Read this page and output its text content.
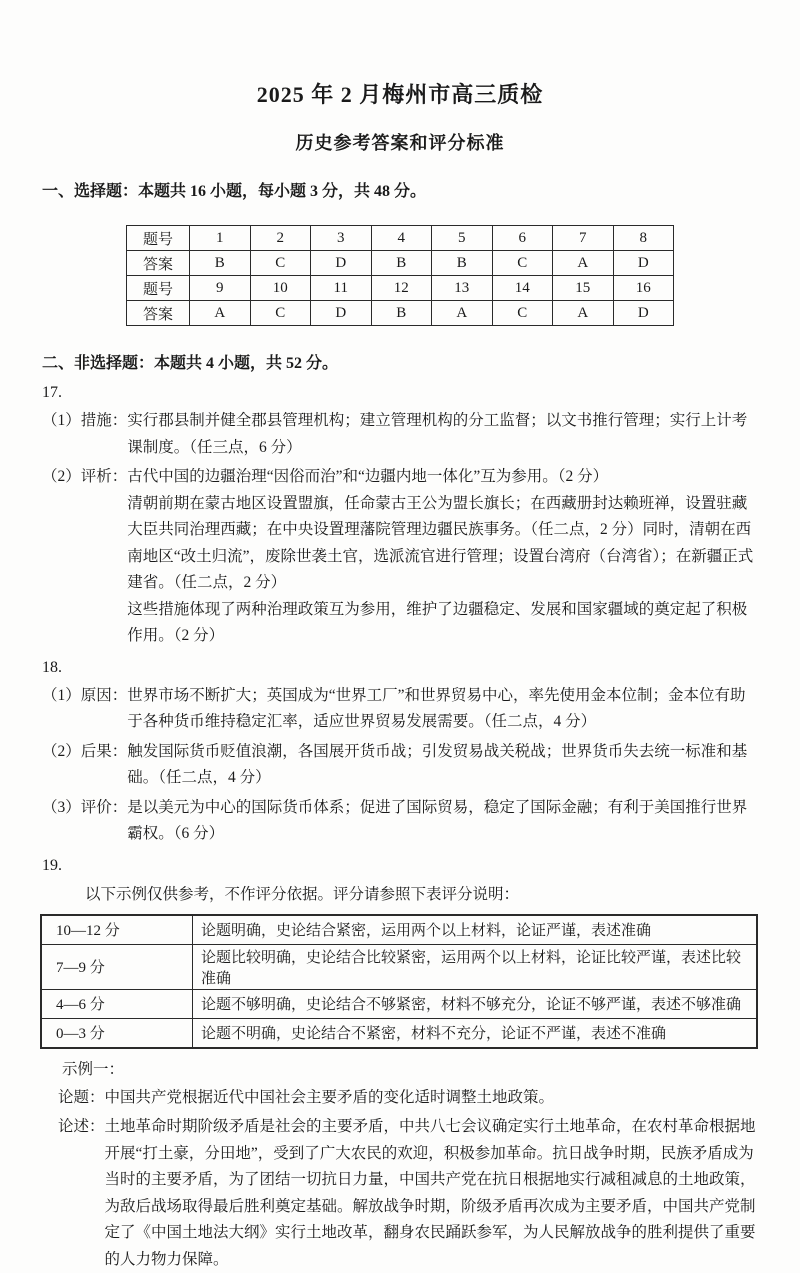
2025 年 2 月梅州市高三质检
历史参考答案和评分标准
一、选择题：本题共 16 小题，每小题 3 分，共 48 分。
题号	1	2	3	4	5	6	7	8
答案	B	C	D	B	B	C	A	D
题号	9	10	11	12	13	14	15	16
答案	A	C	D	B	A	C	A	D
二、非选择题：本题共 4 小题，共 52 分。
17.
（1）措施： 实行郡县制并健全郡县管理机构；建立管理机构的分工监督；以文书推行管理；实行上计考课制度。（任三点，6 分）
（2）评析： 古代中国的边疆治理“因俗而治”和“边疆内地一体化”互为参用。（2 分）
清朝前期在蒙古地区设置盟旗，任命蒙古王公为盟长旗长；在西藏册封达赖班禅，设置驻藏大臣共同治理西藏；在中央设置理藩院管理边疆民族事务。（任二点，2 分）同时，清朝在西南地区“改土归流”，废除世袭土官，选派流官进行管理；设置台湾府（台湾省）；在新疆正式建省。（任二点，2 分）
这些措施体现了两种治理政策互为参用，维护了边疆稳定、发展和国家疆域的奠定起了积极作用。（2 分）
18.
（1）原因： 世界市场不断扩大；英国成为“世界工厂”和世界贸易中心，率先使用金本位制；金本位有助于各种货币维持稳定汇率，适应世界贸易发展需要。（任二点，4 分）
（2）后果： 触发国际货币贬值浪潮，各国展开货币战；引发贸易战关税战；世界货币失去统一标准和基础。（任二点，4 分）
（3）评价： 是以美元为中心的国际货币体系；促进了国际贸易，稳定了国际金融；有利于美国推行世界霸权。（6 分）
19.
以下示例仅供参考，不作评分依据。评分请参照下表评分说明：
10—12 分	论题明确，史论结合紧密，运用两个以上材料，论证严谨，表述准确
7—9 分	论题比较明确，史论结合比较紧密，运用两个以上材料，论证比较严谨，表述比较准确
4—6 分	论题不够明确，史论结合不够紧密，材料不够充分，论证不够严谨，表述不够准确
0—3 分	论题不明确，史论结合不紧密，材料不充分，论证不严谨，表述不准确
示例一：
论题： 中国共产党根据近代中国社会主要矛盾的变化适时调整土地政策。
论述： 土地革命时期阶级矛盾是社会的主要矛盾，中共八七会议确定实行土地革命，在农村革命根据地开展“打土豪，分田地”，受到了广大农民的欢迎，积极参加革命。抗日战争时期，民族矛盾成为当时的主要矛盾，为了团结一切抗日力量，中国共产党在抗日根据地实行减租减息的土地政策，为敌后战场取得最后胜利奠定基础。解放战争时期，阶级矛盾再次成为主要矛盾，中国共产党制定了《中国土地法大纲》实行土地改革，翻身农民踊跃参军，为人民解放战争的胜利提供了重要的人力物力保障。
